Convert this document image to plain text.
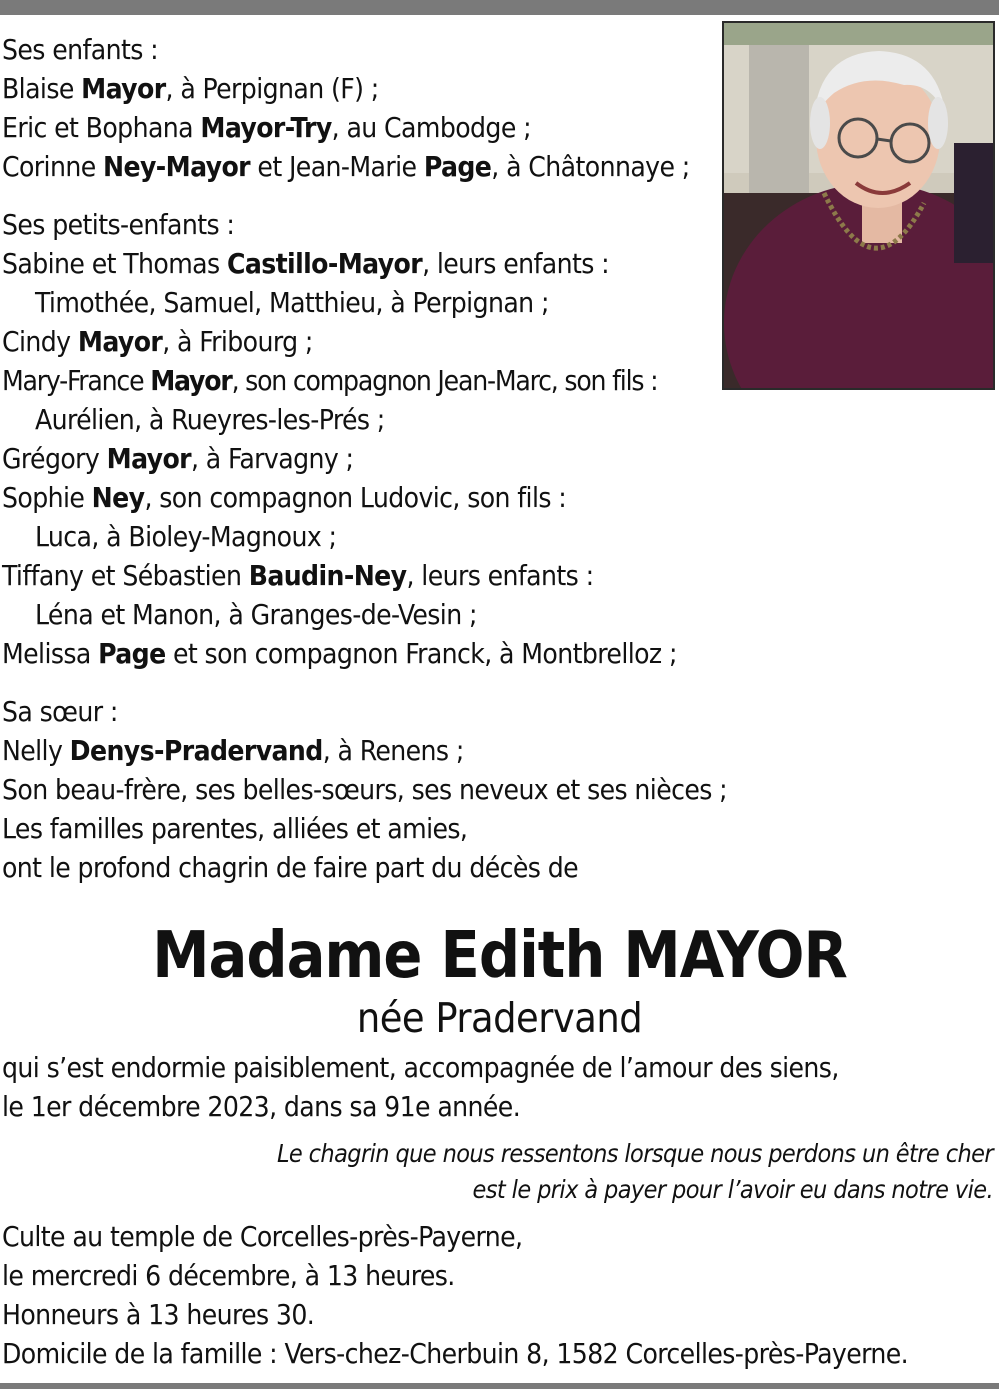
Ses enfants :
Blaise Mayor, à Perpignan (F) ;
Eric et Bophana Mayor-Try, au Cambodge ;
Corinne Ney-Mayor et Jean-Marie Page, à Châtonnaye ;
Ses petits-enfants :
Sabine et Thomas Castillo-Mayor, leurs enfants :
Timothée, Samuel, Matthieu, à Perpignan ;
Cindy Mayor, à Fribourg ;
Mary-France Mayor, son compagnon Jean-Marc, son fils :
Aurélien, à Rueyres-les-Prés ;
Grégory Mayor, à Farvagny ;
Sophie Ney, son compagnon Ludovic, son fils :
Luca, à Bioley-Magnoux ;
Tiffany et Sébastien Baudin-Ney, leurs enfants :
Léna et Manon, à Granges-de-Vesin ;
Melissa Page et son compagnon Franck, à Montbrelloz ;
Sa sœur :
Nelly Denys-Pradervand, à Renens ;
Son beau-frère, ses belles-sœurs, ses neveux et ses nièces ;
Les familles parentes, alliées et amies,
ont le profond chagrin de faire part du décès de
Madame Edith MAYOR
née Pradervand
qui s’est endormie paisiblement, accompagnée de l’amour des siens,
le 1er décembre 2023, dans sa 91e année.
Le chagrin que nous ressentons lorsque nous perdons un être cher
est le prix à payer pour l’avoir eu dans notre vie.
Culte au temple de Corcelles-près-Payerne,
le mercredi 6 décembre, à 13 heures.
Honneurs à 13 heures 30.
Domicile de la famille : Vers-chez-Cherbuin 8, 1582 Corcelles-près-Payerne.
